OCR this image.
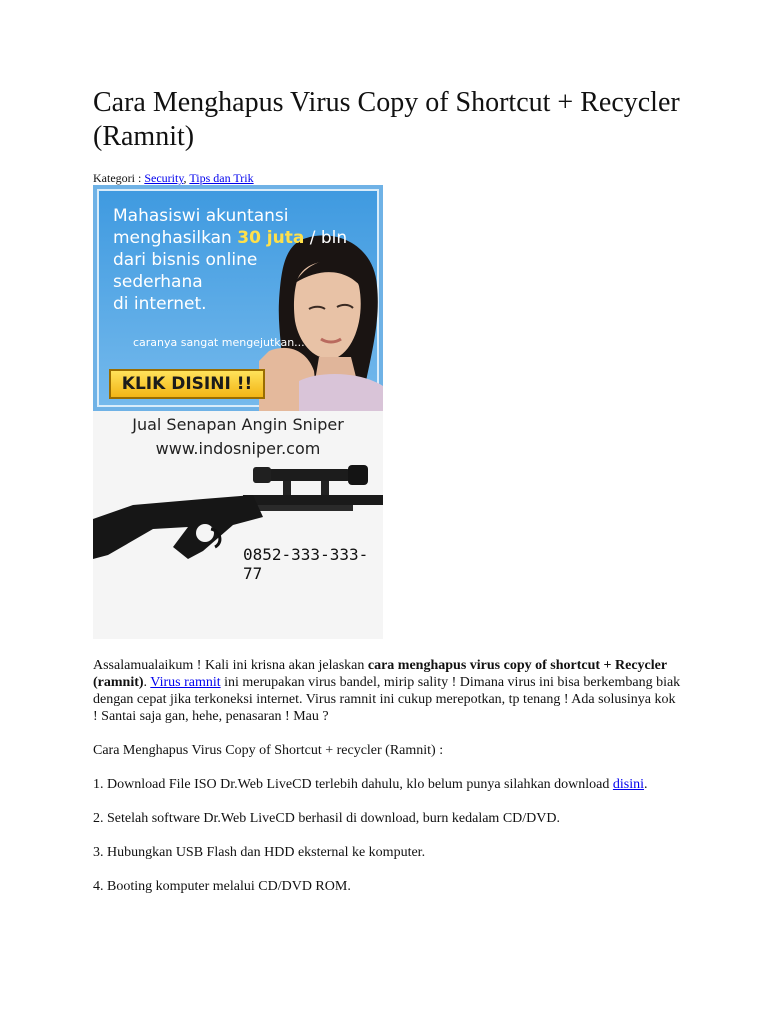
Cara Menghapus Virus Copy of Shortcut + Recycler (Ramnit)
Kategori : Security, Tips dan Trik
Mahasiswi akuntansi
menghasilkan 30 juta / bln
dari bisnis online
sederhana
di internet.
caranya sangat mengejutkan...
KLIK DISINI !!
Jual Senapan Angin Sniper
www.indosniper.com
0852-333-333-77

Assalamualaikum ! Kali ini krisna akan jelaskan cara menghapus virus copy of shortcut + Recycler (ramnit). Virus ramnit ini merupakan virus bandel, mirip sality ! Dimana virus ini bisa berkembang biak dengan cepat jika terkoneksi internet. Virus ramnit ini cukup merepotkan, tp tenang ! Ada solusinya kok ! Santai saja gan, hehe, penasaran ! Mau ?

Cara Menghapus Virus Copy of Shortcut + recycler (Ramnit) :

1. Download File ISO Dr.Web LiveCD terlebih dahulu, klo belum punya silahkan download disini.

2. Setelah software Dr.Web LiveCD berhasil di download, burn kedalam CD/DVD.

3. Hubungkan USB Flash dan HDD eksternal ke komputer.

4. Booting komputer melalui CD/DVD ROM.
